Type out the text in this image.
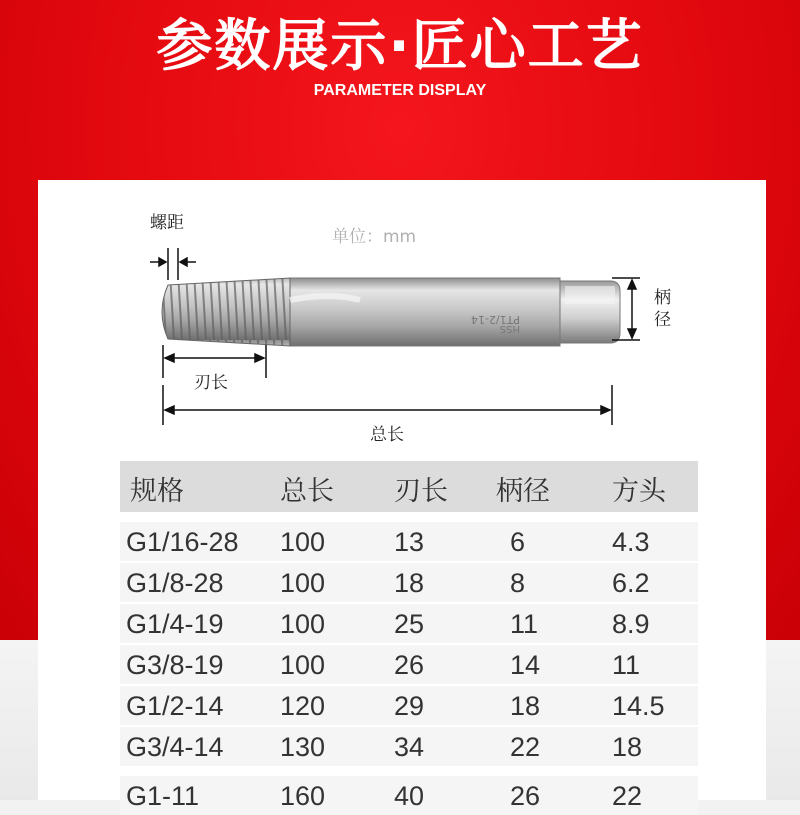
参数展示·匠心工艺
PARAMETER DISPLAY
PT1/2-14
HSS
单位：mm
螺距
刃长
总长
柄
径
规格	总长 刃长 柄径 方头
G1/16-28 100	13	6	4.3
G1/8-28 100	18	8	6.2
G1/4-19 100	25	11	8.9
G3/8-19 100	26	14	11
G1/2-14 120	29	18	14.5
G3/4-14 130	34	22	18
G1-11	160	40	26	22
